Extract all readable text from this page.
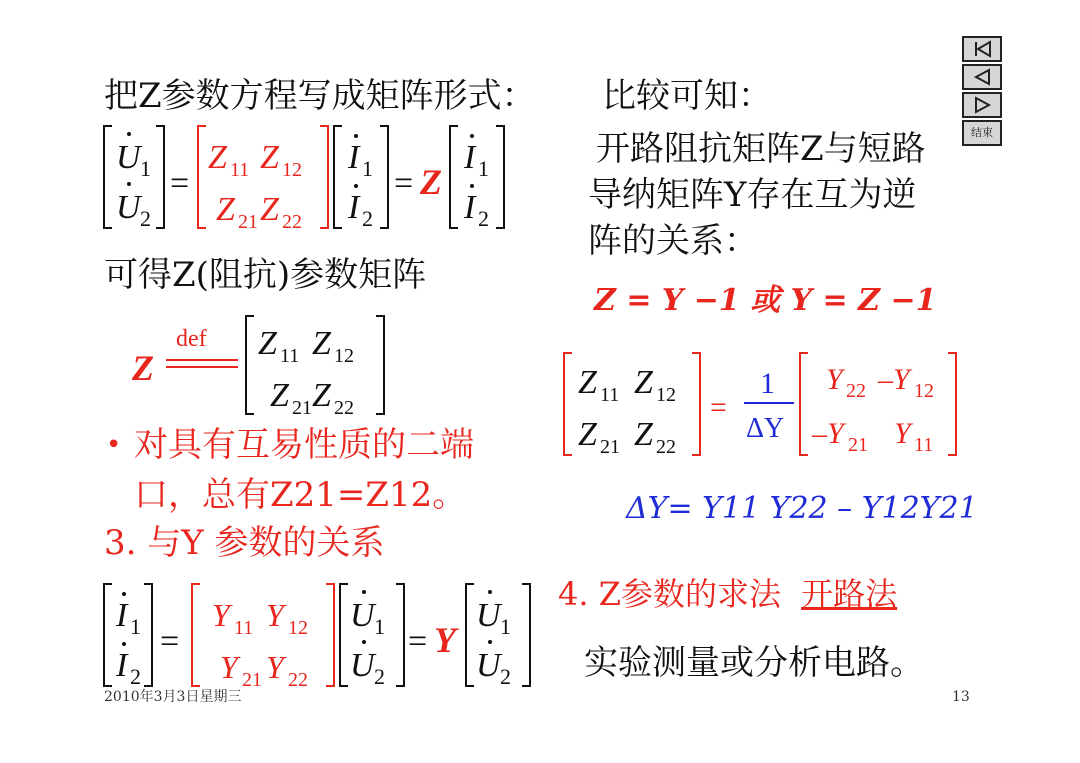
把Z参数方程写成矩阵形式： 比较可知：
U 1
U 2
=
Z 11 Z 12
Z 21 Z 22
I 1
I 2
= Z
I 1
I 2
开路阻抗矩阵Z与短路
导纳矩阵Y存在互为逆
阵的关系：
可得Z(阻抗)参数矩阵
Z = Y −1 或 Y = Z −1
Z
def Z 11 Z 12
Z 21 Z 22
Z 11 Z 12
Z 21 Z 22
=
1
ΔY
Y 22 –Y 12
–Y 21 Y 11
• 对具有互易性质的二端
口，总有Z21=Z12。	ΔY= Y11 Y22 – Y12Y21
3. 与Y 参数的关系
4. Z参数的求法 开路法
I 1
I 2
=
Y 11 Y 12
Y 21 Y 22
U 1
U 2
= Y
U 1
U 2 实验测量或分析电路。
2010年3月3日星期三	13
结束
